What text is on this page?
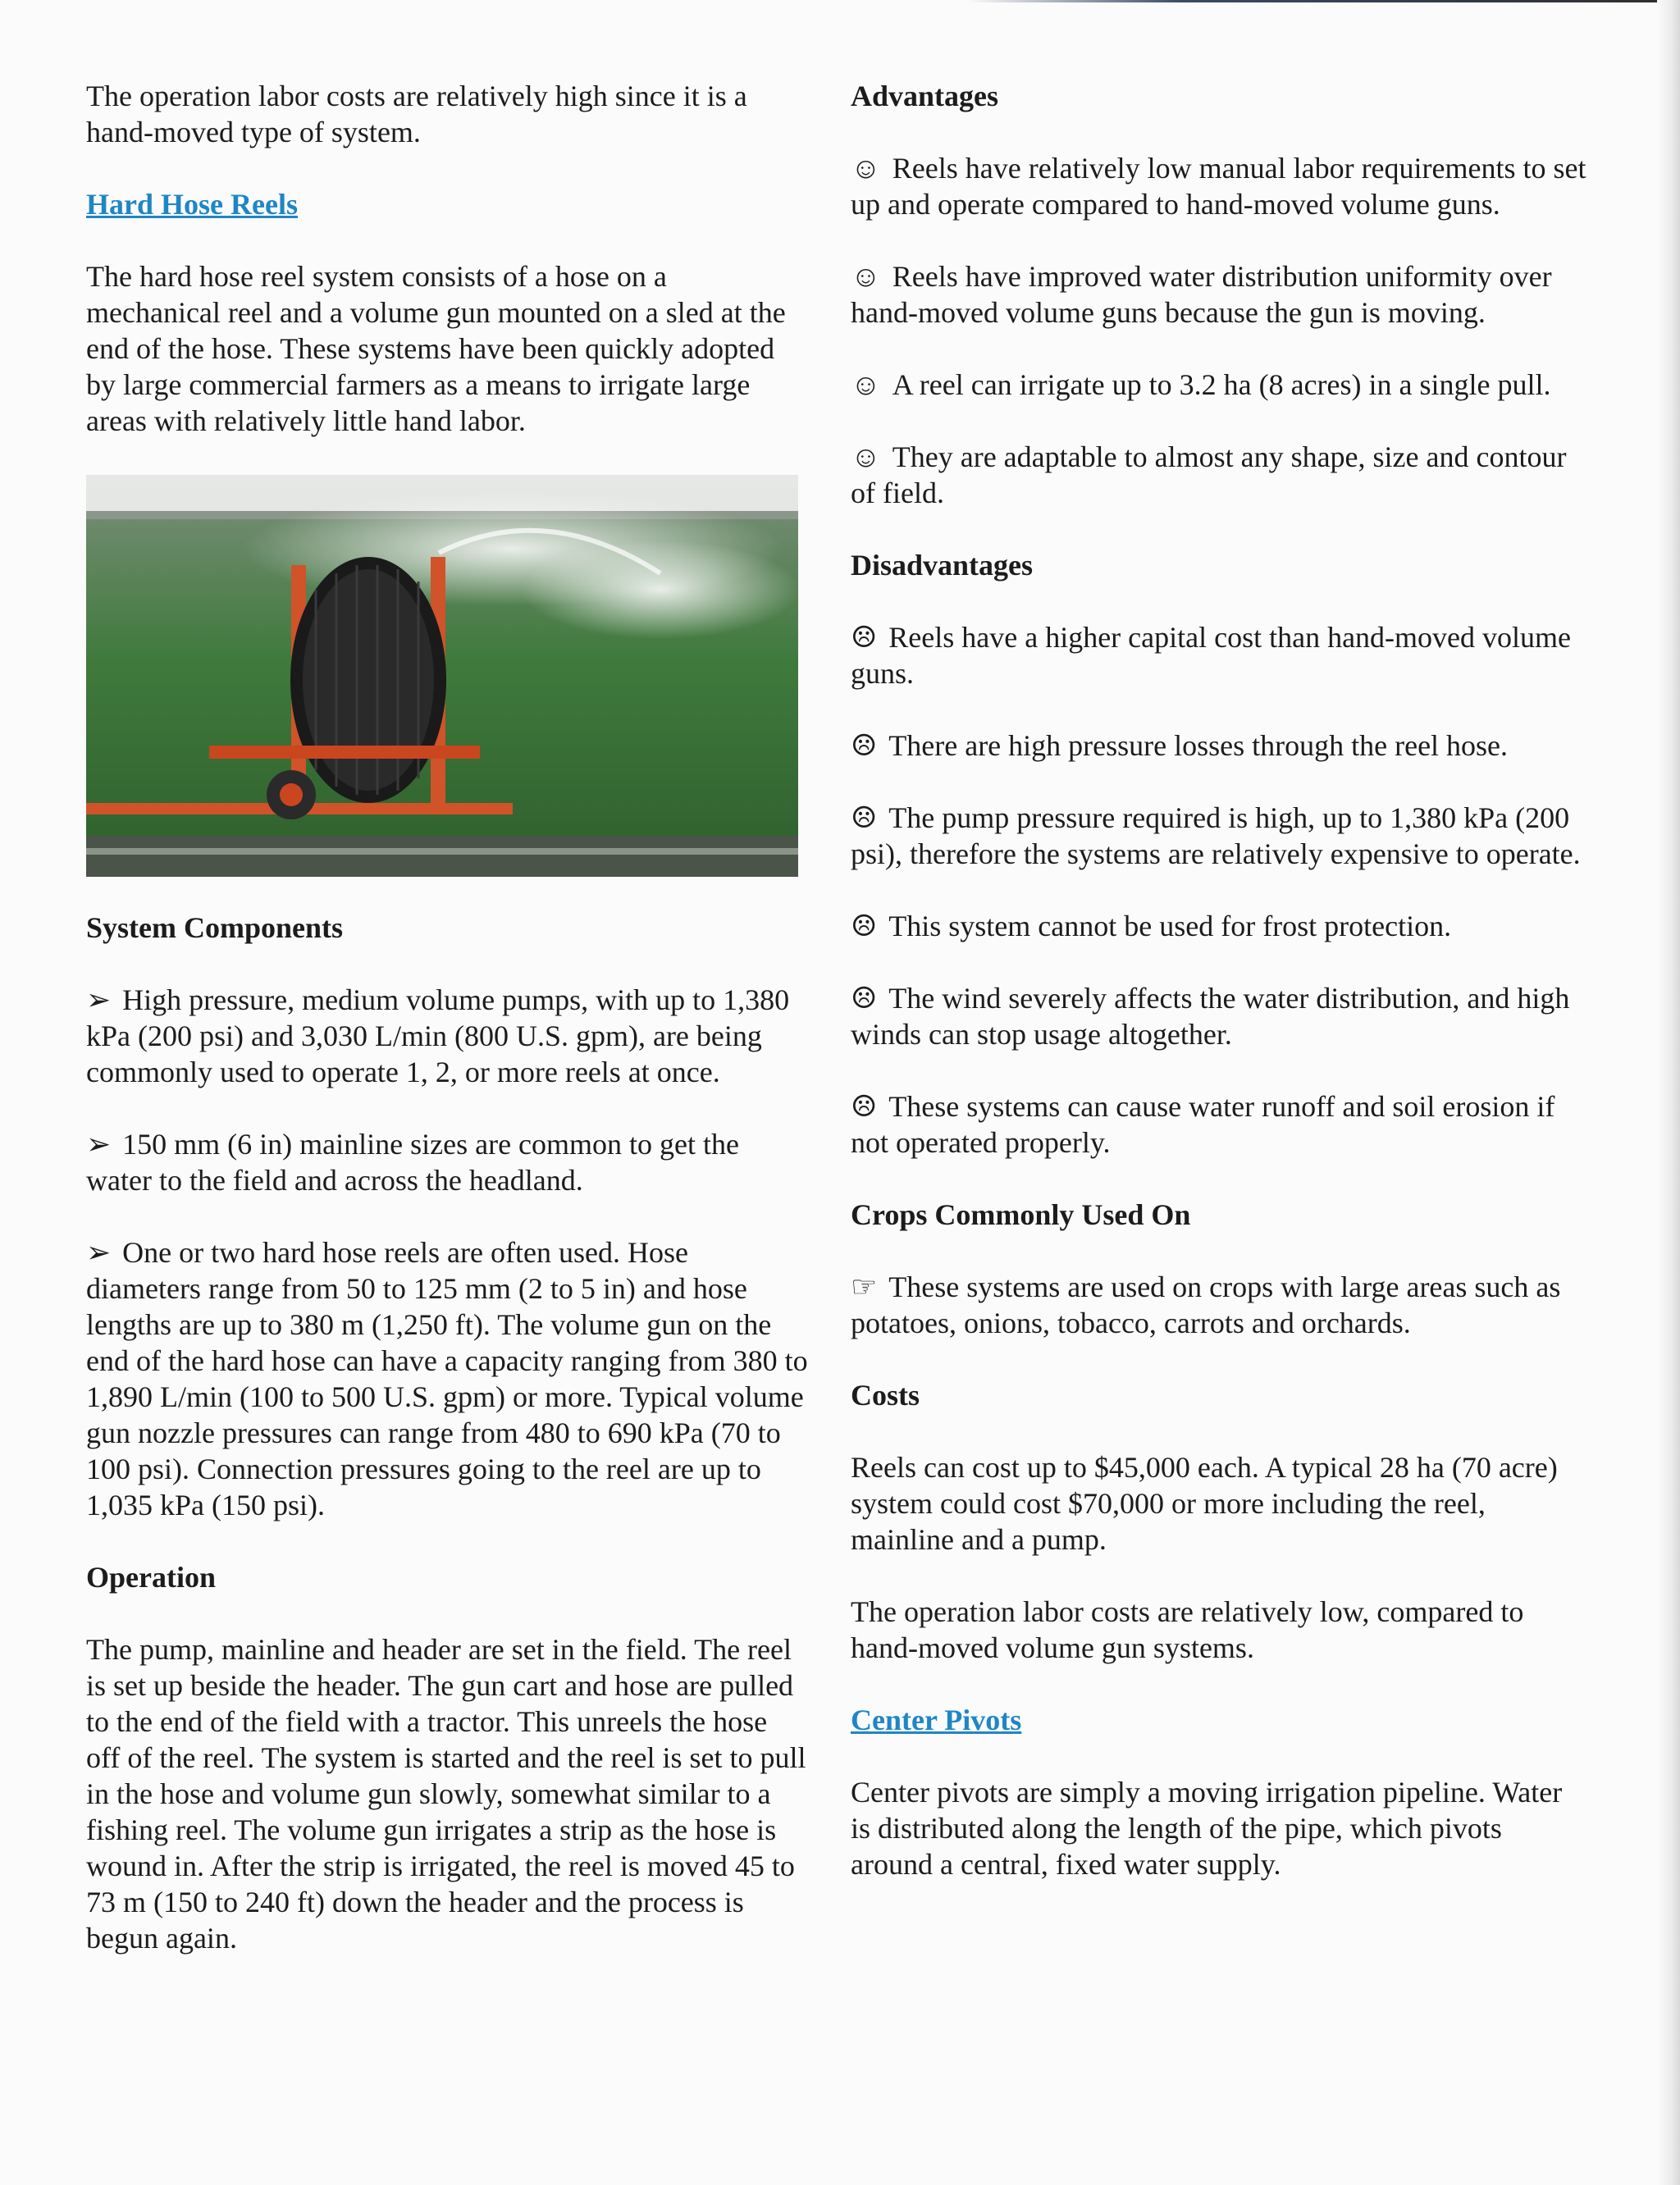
The operation labor costs are relatively high since it is a hand-moved type of system.

Hard Hose Reels

The hard hose reel system consists of a hose on a mechanical reel and a volume gun mounted on a sled at the end of the hose. These systems have been quickly adopted by large commercial farmers as a means to irrigate large areas with relatively little hand labor.

System Components

➢ High pressure, medium volume pumps, with up to 1,380 kPa (200 psi) and 3,030 L/min (800 U.S. gpm), are being commonly used to operate 1, 2, or more reels at once.

➢ 150 mm (6 in) mainline sizes are common to get the water to the field and across the headland.

➢ One or two hard hose reels are often used. Hose diameters range from 50 to 125 mm (2 to 5 in) and hose lengths are up to 380 m (1,250 ft). The volume gun on the end of the hard hose can have a capacity ranging from 380 to 1,890 L/min (100 to 500 U.S. gpm) or more. Typical volume gun nozzle pressures can range from 480 to 690 kPa (70 to 100 psi). Connection pressures going to the reel are up to 1,035 kPa (150 psi).

Operation

The pump, mainline and header are set in the field. The reel is set up beside the header. The gun cart and hose are pulled to the end of the field with a tractor. This unreels the hose off of the reel. The system is started and the reel is set to pull in the hose and volume gun slowly, somewhat similar to a fishing reel. The volume gun irrigates a strip as the hose is wound in. After the strip is irrigated, the reel is moved 45 to 73 m (150 to 240 ft) down the header and the process is begun again.

Advantages

☺ Reels have relatively low manual labor requirements to set up and operate compared to hand-moved volume guns.

☺ Reels have improved water distribution uniformity over hand-moved volume guns because the gun is moving.

☺ A reel can irrigate up to 3.2 ha (8 acres) in a single pull.

☺ They are adaptable to almost any shape, size and contour of field.

Disadvantages

☹ Reels have a higher capital cost than hand-moved volume guns.

☹ There are high pressure losses through the reel hose.

☹ The pump pressure required is high, up to 1,380 kPa (200 psi), therefore the systems are relatively expensive to operate.

☹ This system cannot be used for frost protection.

☹ The wind severely affects the water distribution, and high winds can stop usage altogether.

☹ These systems can cause water runoff and soil erosion if not operated properly.

Crops Commonly Used On

☞ These systems are used on crops with large areas such as potatoes, onions, tobacco, carrots and orchards.

Costs

Reels can cost up to $45,000 each. A typical 28 ha (70 acre) system could cost $70,000 or more including the reel, mainline and a pump.

The operation labor costs are relatively low, compared to hand-moved volume gun systems.

Center Pivots

Center pivots are simply a moving irrigation pipeline. Water is distributed along the length of the pipe, which pivots around a central, fixed water supply.
